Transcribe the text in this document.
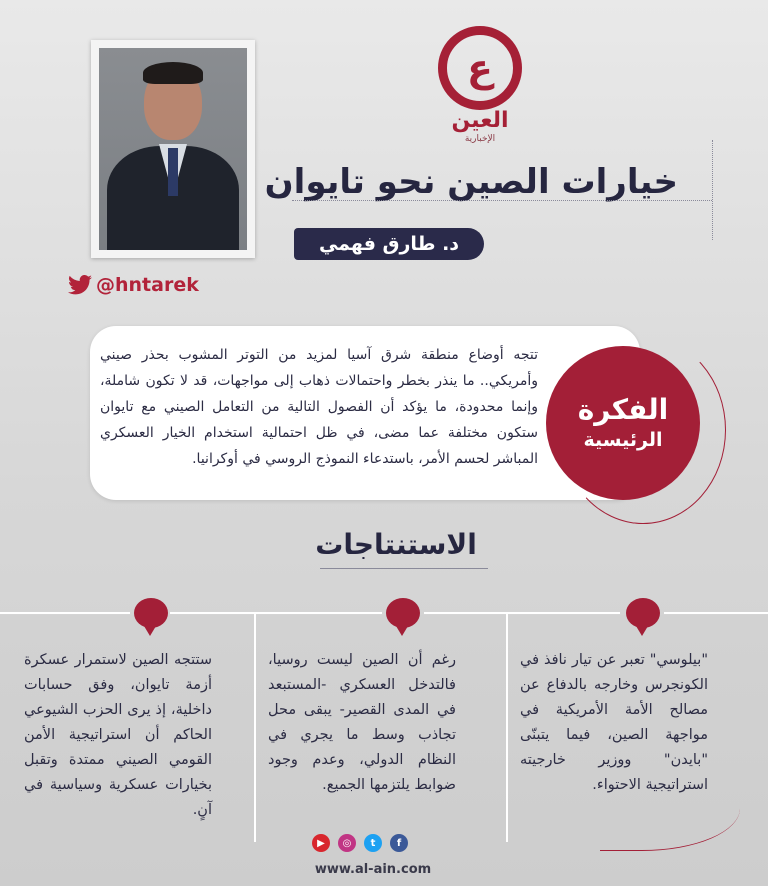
ع
العين
الإخبارية
@hntarek
خيارات الصين نحو تايوان
د. طارق فهمي
تتجه أوضاع منطقة شرق آسيا لمزيد من التوتر المشوب بحذر صيني وأمريكي.. ما ينذر بخطر واحتمالات ذهاب إلى مواجهات، قد لا تكون شاملة، وإنما محدودة، ما يؤكد أن الفصول التالية من التعامل الصيني مع تايوان ستكون مختلفة عما مضى، في ظل احتمالية استخدام الخيار العسكري المباشر لحسم الأمر، باستدعاء النموذج الروسي في أوكرانيا.
الفكرة
الرئيسية
الاستنتاجات
"بيلوسي" تعبر عن تيار نافذ في الكونجرس وخارجه بالدفاع عن مصالح الأمة الأمريكية في مواجهة الصين، فيما يتبنّى "بايدن" ووزير خارجيته استراتيجية الاحتواء.
رغم أن الصين ليست روسيا، فالتدخل العسكري -المستبعد في المدى القصير- يبقى محل تجاذب وسط ما يجري في النظام الدولي، وعدم وجود ضوابط يلتزمها الجميع.
ستتجه الصين لاستمرار عسكرة أزمة تايوان، وفق حسابات داخلية، إذ يرى الحزب الشيوعي الحاكم أن استراتيجية الأمن القومي الصيني ممتدة وتقبل بخيارات عسكرية وسياسية في آنٍ.
▶	◎	t	f
www.al-ain.com
